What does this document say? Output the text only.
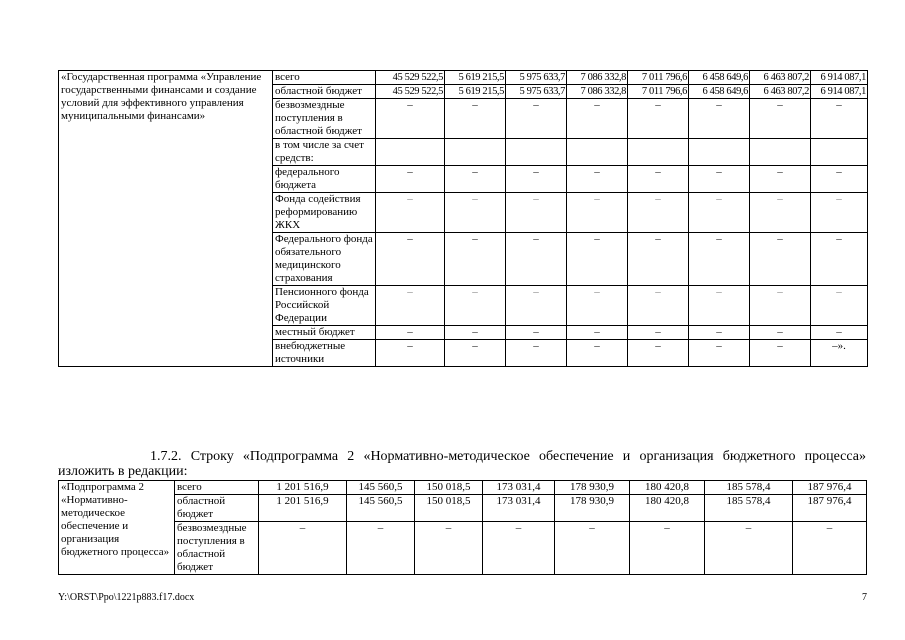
«Государственная программа «Управление государственными финансами и создание условий для эффективного управления муниципальными финансами»	всего	45 529 522,5	5 619 215,5	5 975 633,7	7 086 332,8	7 011 796,6	6 458 649,6	6 463 807,2	6 914 087,1
	областной бюджет	45 529 522,5	5 619 215,5	5 975 633,7	7 086 332,8	7 011 796,6	6 458 649,6	6 463 807,2	6 914 087,1
	безвозмездные поступления в областной бюджет	–	–	–	–	–	–	–	–
	в том числе за счет средств:								
	федерального бюджета	–	–	–	–	–	–	–	–
	Фонда содействия реформированию ЖКХ	–	–	–	–	–	–	–	–
	Федерального фонда обязательного медицинского страхования	–	–	–	–	–	–	–	–
	Пенсионного фонда Российской Федерации	–	–	–	–	–	–	–	–
	местный бюджет	–	–	–	–	–	–	–	–
	внебюджетные источники	–	–	–	–	–	–	–	–».
1.7.2. Строку «Подпрограмма 2 «Нормативно-методическое обеспечение и организация бюджетного процесса»
изложить в редакции:
«Подпрограмма 2 «Нормативно-методическое обеспечение и организация бюджетного процесса»	всего	1 201 516,9	145 560,5	150 018,5	173 031,4	178 930,9	180 420,8	185 578,4	187 976,4
	областной бюджет	1 201 516,9	145 560,5	150 018,5	173 031,4	178 930,9	180 420,8	185 578,4	187 976,4
	безвозмездные поступления в областной бюджет	–	–	–	–	–	–	–	–
Y:\ORST\Ppo\1221p883.f17.docx	7
